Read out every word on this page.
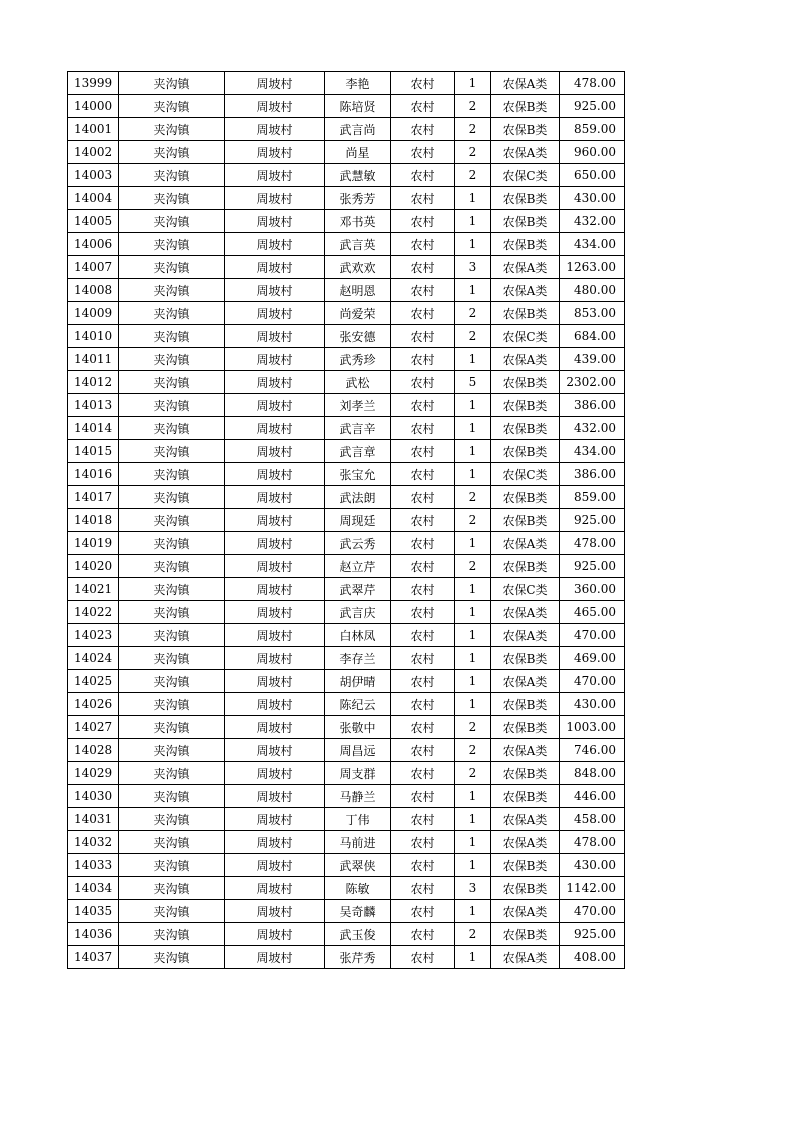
13999	夹沟镇	周坡村	李艳	农村	1	农保A类	478.00
14000	夹沟镇	周坡村	陈培贤	农村	2	农保B类	925.00
14001	夹沟镇	周坡村	武言尚	农村	2	农保B类	859.00
14002	夹沟镇	周坡村	尚星	农村	2	农保A类	960.00
14003	夹沟镇	周坡村	武慧敏	农村	2	农保C类	650.00
14004	夹沟镇	周坡村	张秀芳	农村	1	农保B类	430.00
14005	夹沟镇	周坡村	邓书英	农村	1	农保B类	432.00
14006	夹沟镇	周坡村	武言英	农村	1	农保B类	434.00
14007	夹沟镇	周坡村	武欢欢	农村	3	农保A类	1263.00
14008	夹沟镇	周坡村	赵明恩	农村	1	农保A类	480.00
14009	夹沟镇	周坡村	尚爱荣	农村	2	农保B类	853.00
14010	夹沟镇	周坡村	张安德	农村	2	农保C类	684.00
14011	夹沟镇	周坡村	武秀珍	农村	1	农保A类	439.00
14012	夹沟镇	周坡村	武松	农村	5	农保B类	2302.00
14013	夹沟镇	周坡村	刘孝兰	农村	1	农保B类	386.00
14014	夹沟镇	周坡村	武言辛	农村	1	农保B类	432.00
14015	夹沟镇	周坡村	武言章	农村	1	农保B类	434.00
14016	夹沟镇	周坡村	张宝允	农村	1	农保C类	386.00
14017	夹沟镇	周坡村	武法朗	农村	2	农保B类	859.00
14018	夹沟镇	周坡村	周现廷	农村	2	农保B类	925.00
14019	夹沟镇	周坡村	武云秀	农村	1	农保A类	478.00
14020	夹沟镇	周坡村	赵立芹	农村	2	农保B类	925.00
14021	夹沟镇	周坡村	武翠芹	农村	1	农保C类	360.00
14022	夹沟镇	周坡村	武言庆	农村	1	农保A类	465.00
14023	夹沟镇	周坡村	白林凤	农村	1	农保A类	470.00
14024	夹沟镇	周坡村	李存兰	农村	1	农保B类	469.00
14025	夹沟镇	周坡村	胡伊晴	农村	1	农保A类	470.00
14026	夹沟镇	周坡村	陈纪云	农村	1	农保B类	430.00
14027	夹沟镇	周坡村	张敬中	农村	2	农保B类	1003.00
14028	夹沟镇	周坡村	周昌远	农村	2	农保A类	746.00
14029	夹沟镇	周坡村	周支群	农村	2	农保B类	848.00
14030	夹沟镇	周坡村	马静兰	农村	1	农保B类	446.00
14031	夹沟镇	周坡村	丁伟	农村	1	农保A类	458.00
14032	夹沟镇	周坡村	马前进	农村	1	农保A类	478.00
14033	夹沟镇	周坡村	武翠侠	农村	1	农保B类	430.00
14034	夹沟镇	周坡村	陈敏	农村	3	农保B类	1142.00
14035	夹沟镇	周坡村	吴奇麟	农村	1	农保A类	470.00
14036	夹沟镇	周坡村	武玉俊	农村	2	农保B类	925.00
14037	夹沟镇	周坡村	张芹秀	农村	1	农保A类	408.00
